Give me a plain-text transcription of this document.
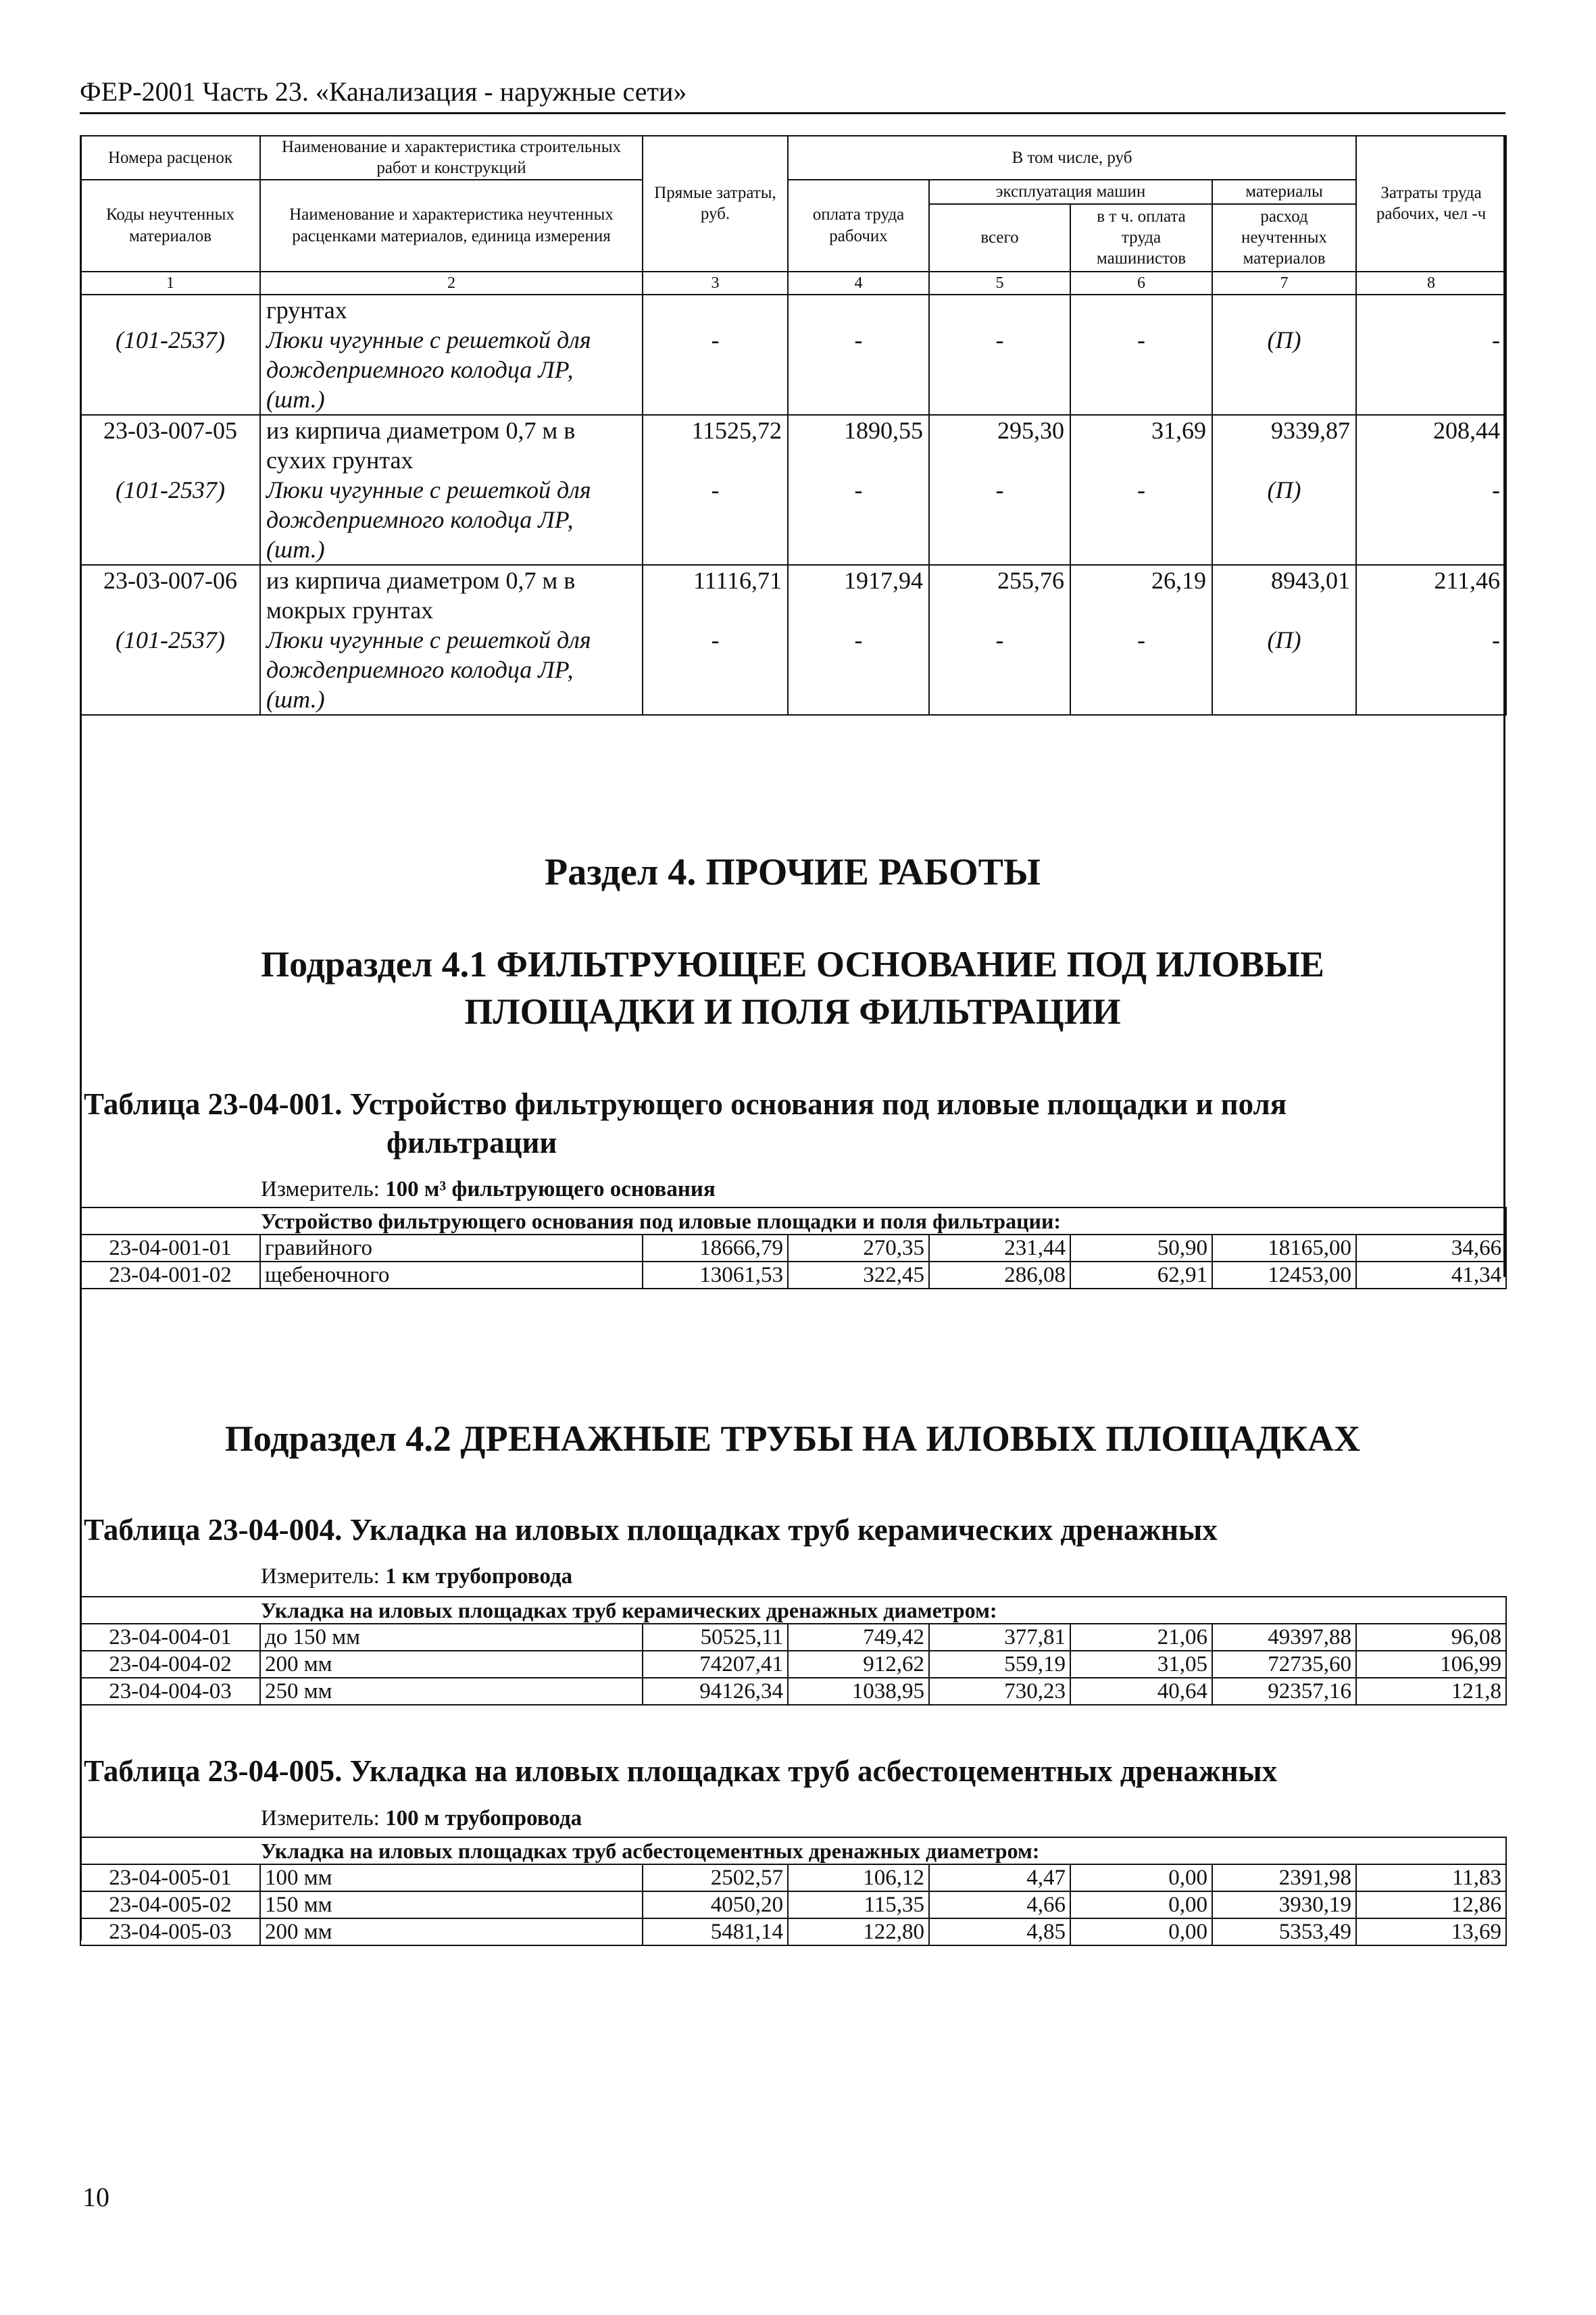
ФЕР-2001 Часть 23. «Канализация - наружные сети»
Номера расценок	Наименование и характеристика строительных работ и конструкций	Прямые затраты, руб.	В том числе, руб				Затраты труда рабочих, чел -ч
Коды неучтенных материалов	Наименование и характеристика неучтенных расценками материалов, единица измерения		оплата труда рабочих	эксплуатация машин		материалы	
				всего	в т ч. оплата труда машинистов	расход неучтенных материалов	

1	2	3	4	5	6	7	8
	грунтах						
(101-2537)	Люки чугунные с решеткой для дождеприемного колодца ЛР, (шт.)	-	-	-	-	(П)	-
23-03-007-05	из кирпича диаметром 0,7 м в сухих грунтах	11525,72	1890,55	295,30	31,69	9339,87	208,44
(101-2537)	Люки чугунные с решеткой для дождеприемного колодца ЛР, (шт.)	-	-	-	-	(П)	-
23-03-007-06	из кирпича диаметром 0,7 м в мокрых грунтах	11116,71	1917,94	255,76	26,19	8943,01	211,46
(101-2537)	Люки чугунные с решеткой для дождеприемного колодца ЛР, (шт.)	-	-	-	-	(П)	-
Раздел 4. ПРОЧИЕ РАБОТЫ
Подраздел 4.1 ФИЛЬТРУЮЩЕЕ ОСНОВАНИЕ ПОД ИЛОВЫЕ
ПЛОЩАДКИ И ПОЛЯ ФИЛЬТРАЦИИ
Таблица 23-04-001. Устройство фильтрующего основания под иловые площадки и поля
фильтрации
Измеритель: 100 м³ фильтрующего основания
Устройство фильтрующего основания под иловые площадки и поля фильтрации:							
23-04-001-01	гравийного	18666,79	270,35	231,44	50,90	18165,00	34,66
23-04-001-02	щебеночного	13061,53	322,45	286,08	62,91	12453,00	41,34
Подраздел 4.2 ДРЕНАЖНЫЕ ТРУБЫ НА ИЛОВЫХ ПЛОЩАДКАХ
Таблица 23-04-004. Укладка на иловых площадках труб керамических дренажных
Измеритель: 1 км трубопровода
Укладка на иловых площадках труб керамических дренажных диаметром:							
23-04-004-01	до 150 мм	50525,11	749,42	377,81	21,06	49397,88	96,08
23-04-004-02	200 мм	74207,41	912,62	559,19	31,05	72735,60	106,99
23-04-004-03	250 мм	94126,34	1038,95	730,23	40,64	92357,16	121,8
Таблица 23-04-005. Укладка на иловых площадках труб асбестоцементных дренажных
Измеритель: 100 м трубопровода
Укладка на иловых площадках труб асбестоцементных дренажных диаметром:							
23-04-005-01	100 мм	2502,57	106,12	4,47	0,00	2391,98	11,83
23-04-005-02	150 мм	4050,20	115,35	4,66	0,00	3930,19	12,86
23-04-005-03	200 мм	5481,14	122,80	4,85	0,00	5353,49	13,69
10
